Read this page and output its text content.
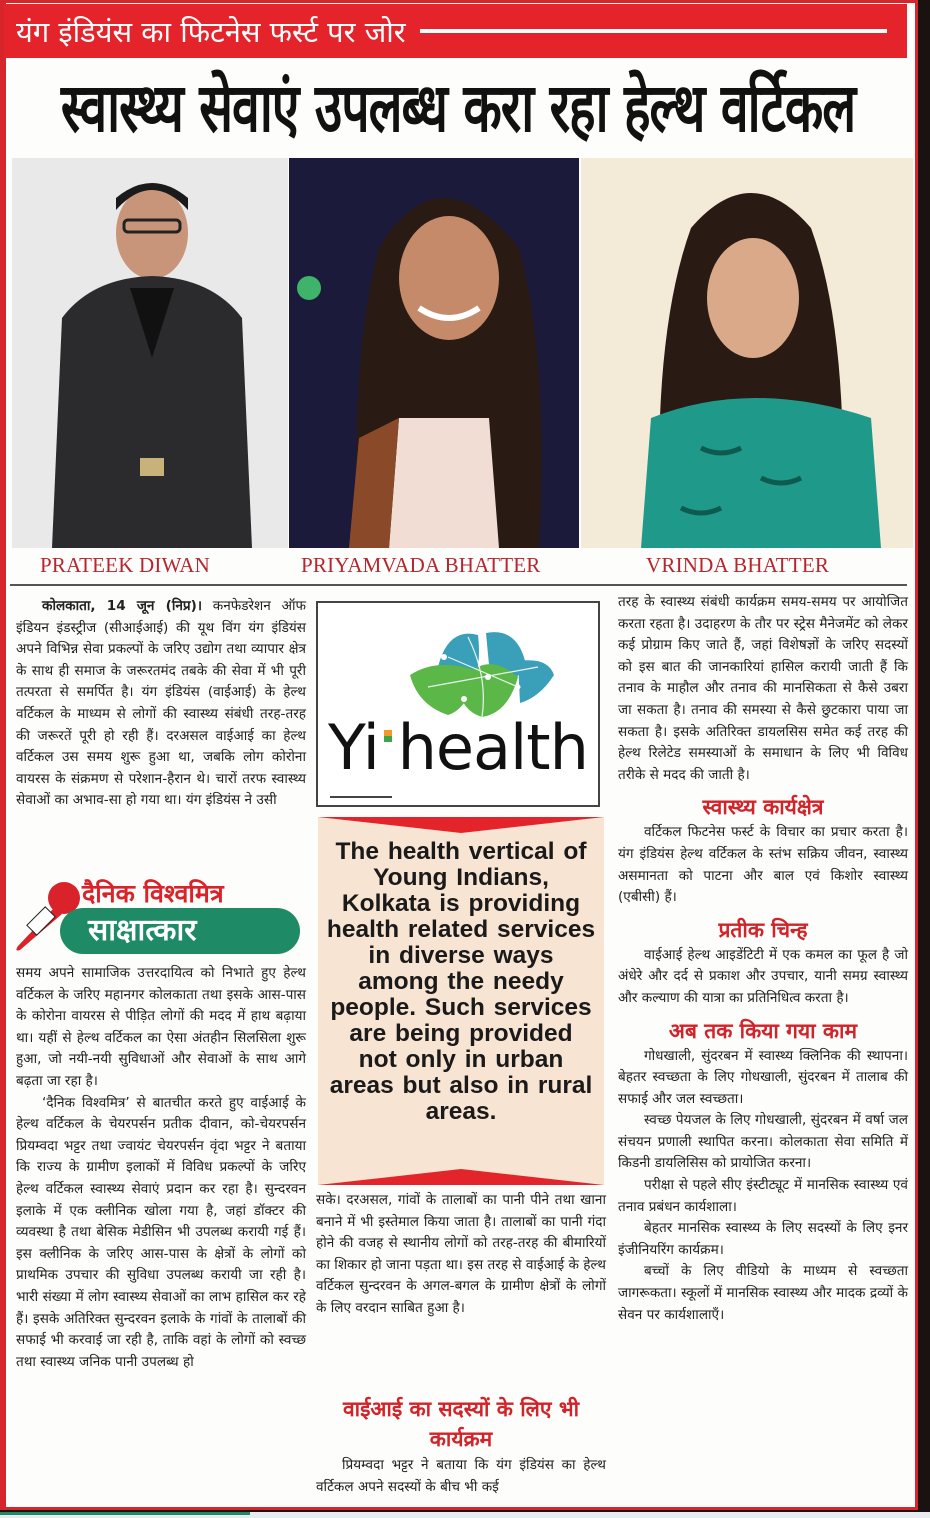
यंग इंडियंस का फिटनेस फर्स्ट पर जोर
स्वास्थ्य सेवाएं उपलब्ध करा रहा हेल्थ वर्टिकल
PRATEEK DIWAN	PRIYAMVADA BHATTER	VRINDA BHATTER

कोलकाता, 14 जून (निप्र)। कनफेडरेशन ऑफ इंडियन इंडस्ट्रीज (सीआईआई) की यूथ विंग यंग इंडियंस अपने विभिन्न सेवा प्रकल्पों के जरिए उद्योग तथा व्यापार क्षेत्र के साथ ही समाज के जरूरतमंद तबके की सेवा में भी पूरी तत्परता से समर्पित है। यंग इंडियंस (वाईआई) के हेल्थ वर्टिकल के माध्यम से लोगों की स्वास्थ्य संबंधी तरह-तरह की जरूरतें पूरी हो रही हैं। दरअसल वाईआई का हेल्थ वर्टिकल उस समय शुरू हुआ था, जबकि लोग कोरोना वायरस के संक्रमण से परेशान-हैरान थे। चारों तरफ स्वास्थ्य सेवाओं का अभाव-सा हो गया था। यंग इंडियंस ने उसी

दैनिक विश्वमित्र
साक्षात्कार

समय अपने सामाजिक उत्तरदायित्व को निभाते हुए हेल्थ वर्टिकल के जरिए महानगर कोलकाता तथा इसके आस-पास के कोरोना वायरस से पीड़ित लोगों की मदद में हाथ बढ़ाया था। यहीं से हेल्थ वर्टिकल का ऐसा अंतहीन सिलसिला शुरू हुआ, जो नयी-नयी सुविधाओं और सेवाओं के साथ आगे बढ़ता जा रहा है।

‘दैनिक विश्वमित्र’ से बातचीत करते हुए वाईआई के हेल्थ वर्टिकल के चेयरपर्सन प्रतीक दीवान, को-चेयरपर्सन प्रियम्वदा भट्टर तथा ज्वायंट चेयरपर्सन वृंदा भट्टर ने बताया कि राज्य के ग्रामीण इलाकों में विविध प्रकल्पों के जरिए हेल्थ वर्टिकल स्वास्थ्य सेवाएं प्रदान कर रहा है। सुन्दरवन इलाके में एक क्लीनिक खोला गया है, जहां डॉक्टर की व्यवस्था है तथा बेसिक मेडीसिन भी उपलब्ध करायी गई हैं। इस क्लीनिक के जरिए आस-पास के क्षेत्रों के लोगों को प्राथमिक उपचार की सुविधा उपलब्ध करायी जा रही है। भारी संख्या में लोग स्वास्थ्य सेवाओं का लाभ हासिल कर रहे हैं। इसके अतिरिक्त सुन्दरवन इलाके के गांवों के तालाबों की सफाई भी करवाई जा रही है, ताकि वहां के लोगों को स्वच्छ तथा स्वास्थ्य जनिक पानी उपलब्ध हो

Yi health
The health vertical of Young Indians, Kolkata is providing health related services in diverse ways among the needy people. Such services are being provided not only in urban areas but also in rural areas.

सके। दरअसल, गांवों के तालाबों का पानी पीने तथा खाना बनाने में भी इस्तेमाल किया जाता है। तालाबों का पानी गंदा होने की वजह से स्थानीय लोगों को तरह-तरह की बीमारियों का शिकार हो जाना पड़ता था। इस तरह से वाईआई के हेल्थ वर्टिकल सुन्दरवन के अगल-बगल के ग्रामीण क्षेत्रों के लोगों के लिए वरदान साबित हुआ है।

वाईआई का सदस्यों के लिए भी कार्यक्रम

प्रियम्वदा भट्टर ने बताया कि यंग इंडियंस का हेल्थ वर्टिकल अपने सदस्यों के बीच भी कई

तरह के स्वास्थ्य संबंधी कार्यक्रम समय-समय पर आयोजित करता रहता है। उदाहरण के तौर पर स्ट्रेस मैनेजमेंट को लेकर कई प्रोग्राम किए जाते हैं, जहां विशेषज्ञों के जरिए सदस्यों को इस बात की जानकारियां हासिल करायी जाती हैं कि तनाव के माहौल और तनाव की मानसिकता से कैसे उबरा जा सकता है। तनाव की समस्या से कैसे छुटकारा पाया जा सकता है। इसके अतिरिक्त डायलसिस समेत कई तरह की हेल्थ रिलेटेड समस्याओं के समाधान के लिए भी विविध तरीके से मदद की जाती है।

स्वास्थ्य कार्यक्षेत्र

वर्टिकल फिटनेस फर्स्ट के विचार का प्रचार करता है। यंग इंडियंस हेल्थ वर्टिकल के स्तंभ सक्रिय जीवन, स्वास्थ्य असमानता को पाटना और बाल एवं किशोर स्वास्थ्य (एबीसी) हैं।

प्रतीक चिन्ह

वाईआई हेल्थ आइडेंटिटी में एक कमल का फूल है जो अंधेरे और दर्द से प्रकाश और उपचार, यानी समग्र स्वास्थ्य और कल्याण की यात्रा का प्रतिनिधित्व करता है।

अब तक किया गया काम

गोधखाली, सुंदरबन में स्वास्थ्य क्लिनिक की स्थापना। बेहतर स्वच्छता के लिए गोधखाली, सुंदरबन में तालाब की सफाई और जल स्वच्छता।

स्वच्छ पेयजल के लिए गोधखाली, सुंदरबन में वर्षा जल संचयन प्रणाली स्थापित करना। कोलकाता सेवा समिति में किडनी डायलिसिस को प्रायोजित करना।

परीक्षा से पहले सीए इंस्टीट्यूट में मानसिक स्वास्थ्य एवं तनाव प्रबंधन कार्यशाला।

बेहतर मानसिक स्वास्थ्य के लिए सदस्यों के लिए इनर इंजीनियरिंग कार्यक्रम।

बच्चों के लिए वीडियो के माध्यम से स्वच्छता जागरूकता। स्कूलों में मानसिक स्वास्थ्य और मादक द्रव्यों के सेवन पर कार्यशालाएँ।
